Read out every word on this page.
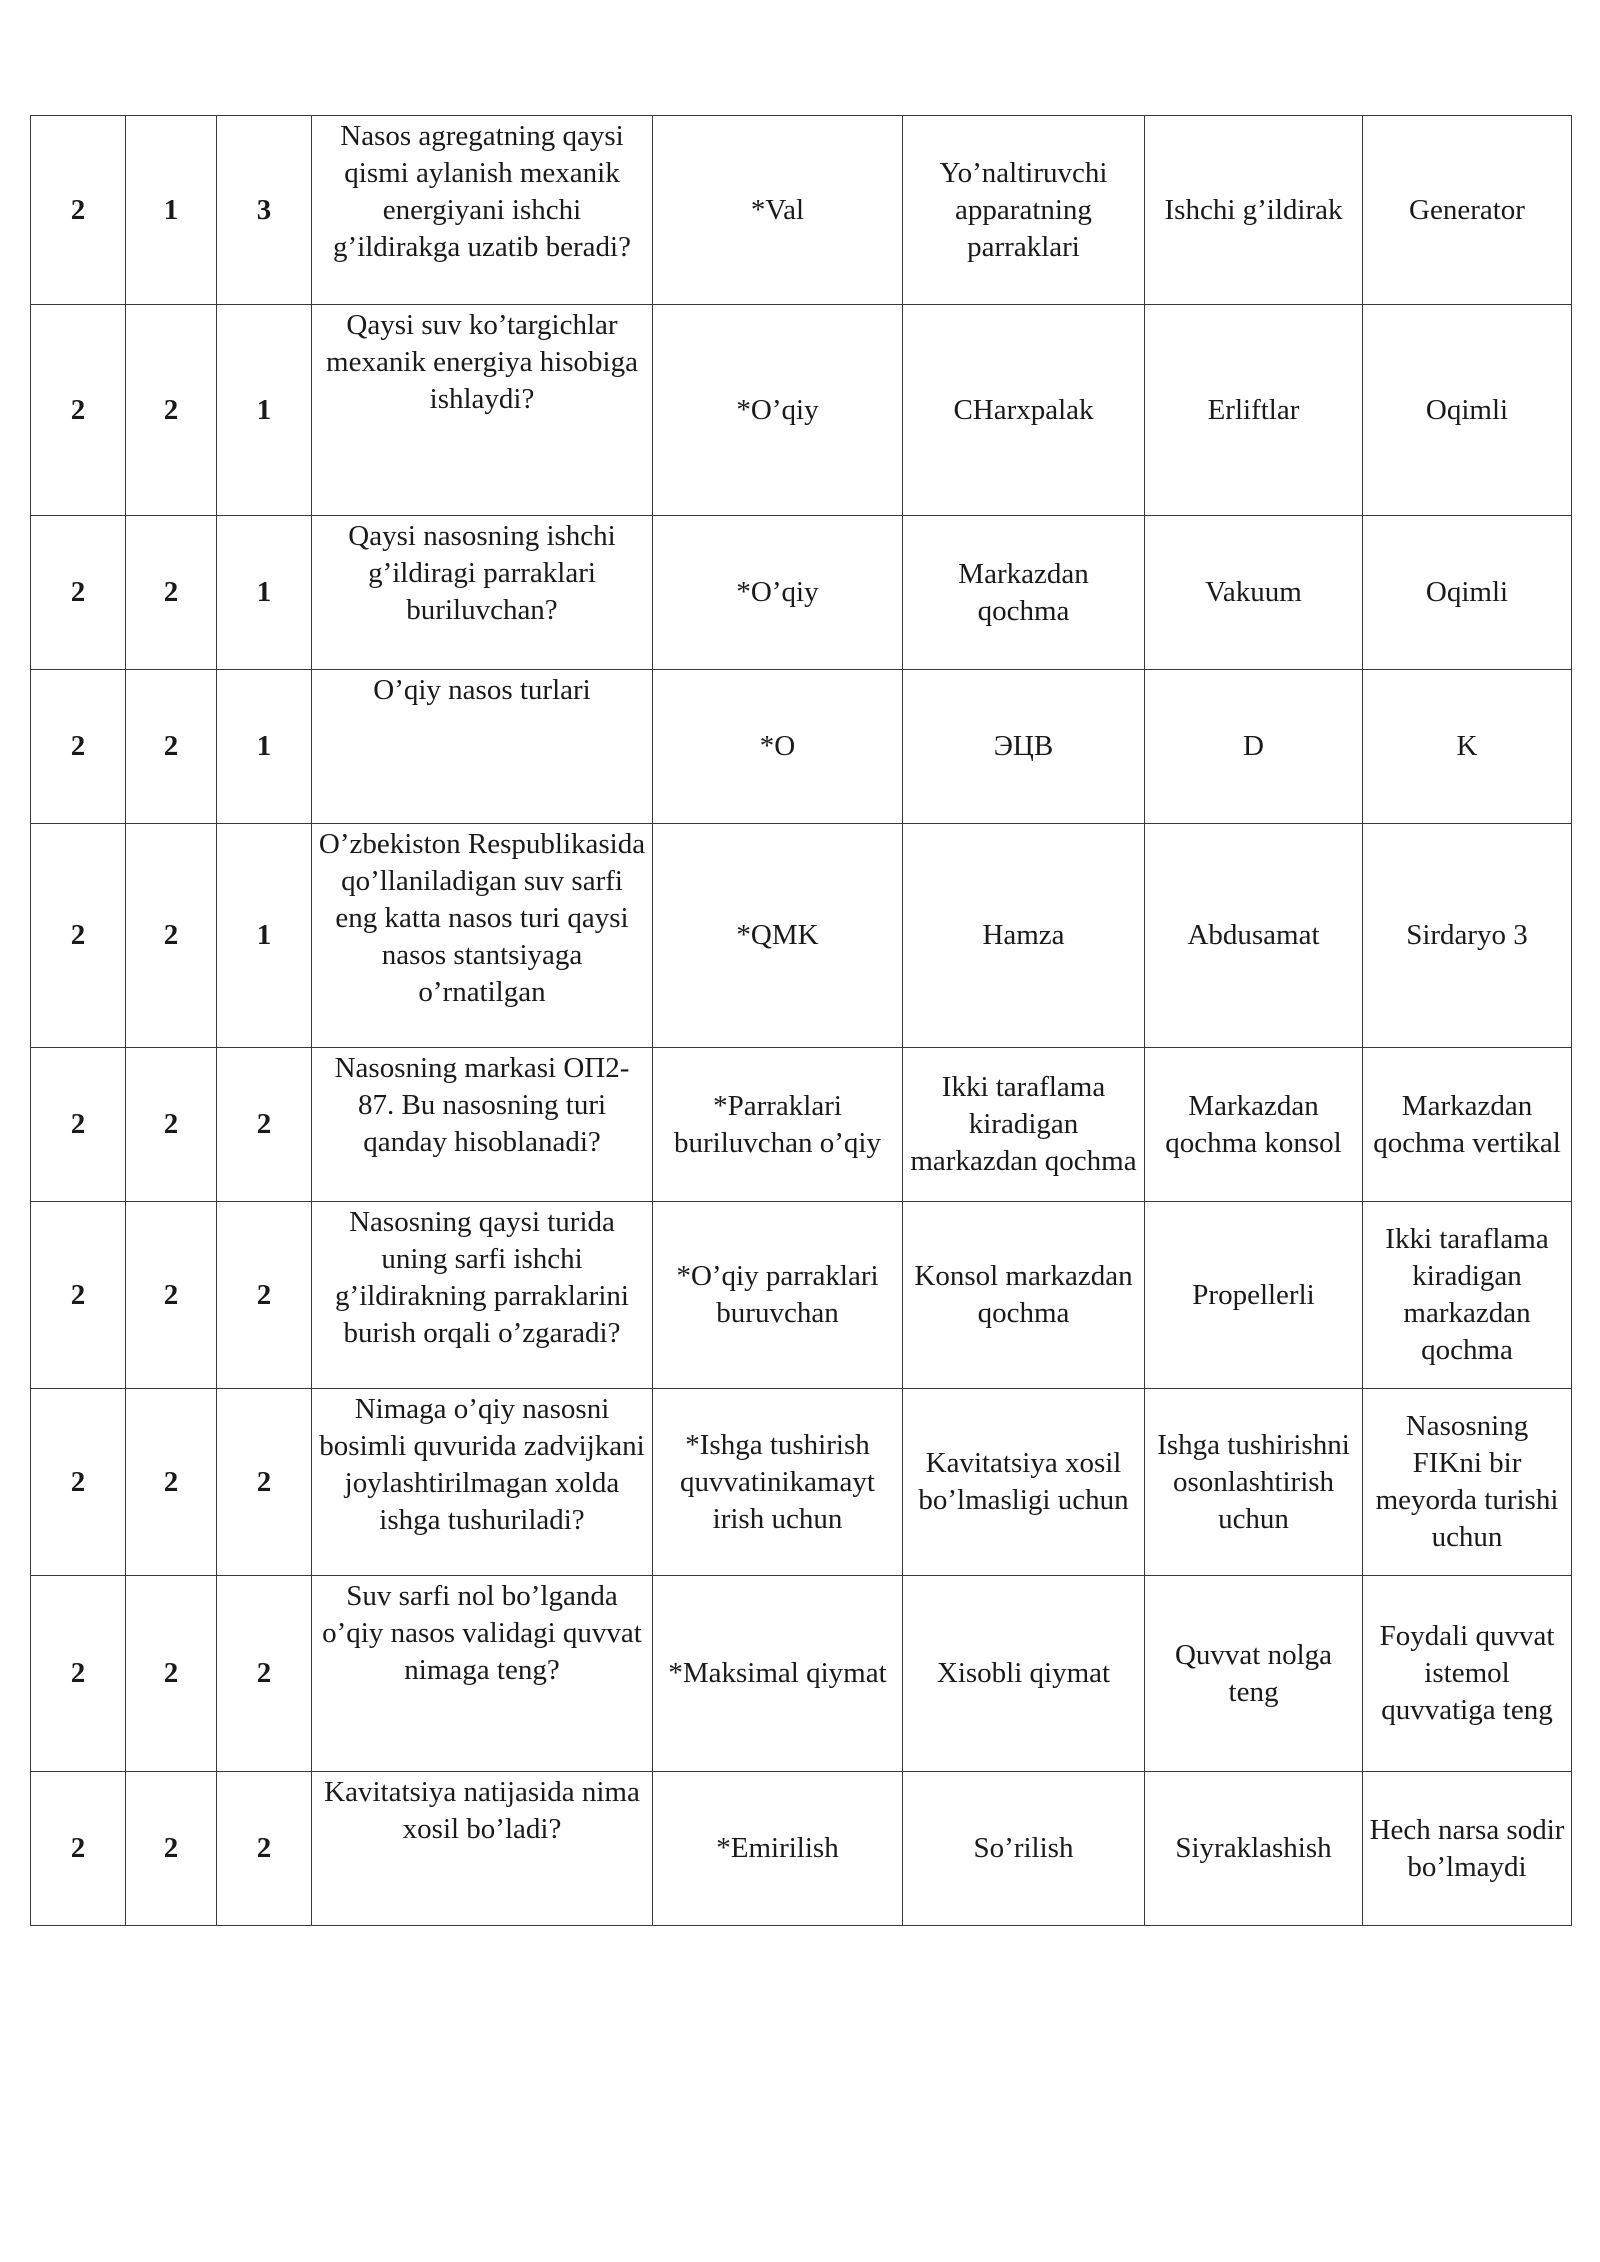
2	1	3	Nasos agregatning qaysi qismi aylanish mexanik energiyani ishchi g’ildirakga uzatib beradi?	*Val	Yo’naltiruvchi apparatning parraklari	Ishchi g’ildirak	Generator
2	2	1	Qaysi suv ko’targichlar mexanik energiya hisobiga ishlaydi?	*O’qiy	CHarxpalak	Erliftlar	Oqimli
2	2	1	Qaysi nasosning ishchi g’ildiragi parraklari buriluvchan?	*O’qiy	Markazdan qochma	Vakuum	Oqimli
2	2	1	O’qiy nasos turlari	*O	ЭЦВ	D	K
2	2	1	O’zbekiston Respublikasida qo’llaniladigan suv sarfi eng katta nasos turi qaysi nasos stantsiyaga o’rnatilgan	*QMK	Hamza	Abdusamat	Sirdaryo 3
2	2	2	Nasosning markasi ОП2-87. Bu nasosning turi qanday hisoblanadi?	*Parraklari buriluvchan o’qiy	Ikki taraflama kiradigan markazdan qochma	Markazdan qochma konsol	Markazdan qochma vertikal
2	2	2	Nasosning qaysi turida uning sarfi ishchi g’ildirakning parraklarini burish orqali o’zgaradi?	*O’qiy parraklari buruvchan	Konsol markazdan qochma	Propellerli	Ikki taraflama kiradigan markazdan qochma
2	2	2	Nimaga o’qiy nasosni bosimli quvurida zadvijkani joylashtirilmagan xolda ishga tushuriladi?	*Ishga tushirish quvvatinikamayt irish uchun	Kavitatsiya xosil bo’lmasligi uchun	Ishga tushirishni osonlashtirish uchun	Nasosning FIKni bir meyorda turishi uchun
2	2	2	Suv sarfi nol bo’lganda o’qiy nasos validagi quvvat nimaga teng?	*Maksimal qiymat	Xisobli qiymat	Quvvat nolga teng	Foydali quvvat istemol quvvatiga teng
2	2	2	Kavitatsiya natijasida nima xosil bo’ladi?	*Emirilish	So’rilish	Siyraklashish	Hech narsa sodir bo’lmaydi
